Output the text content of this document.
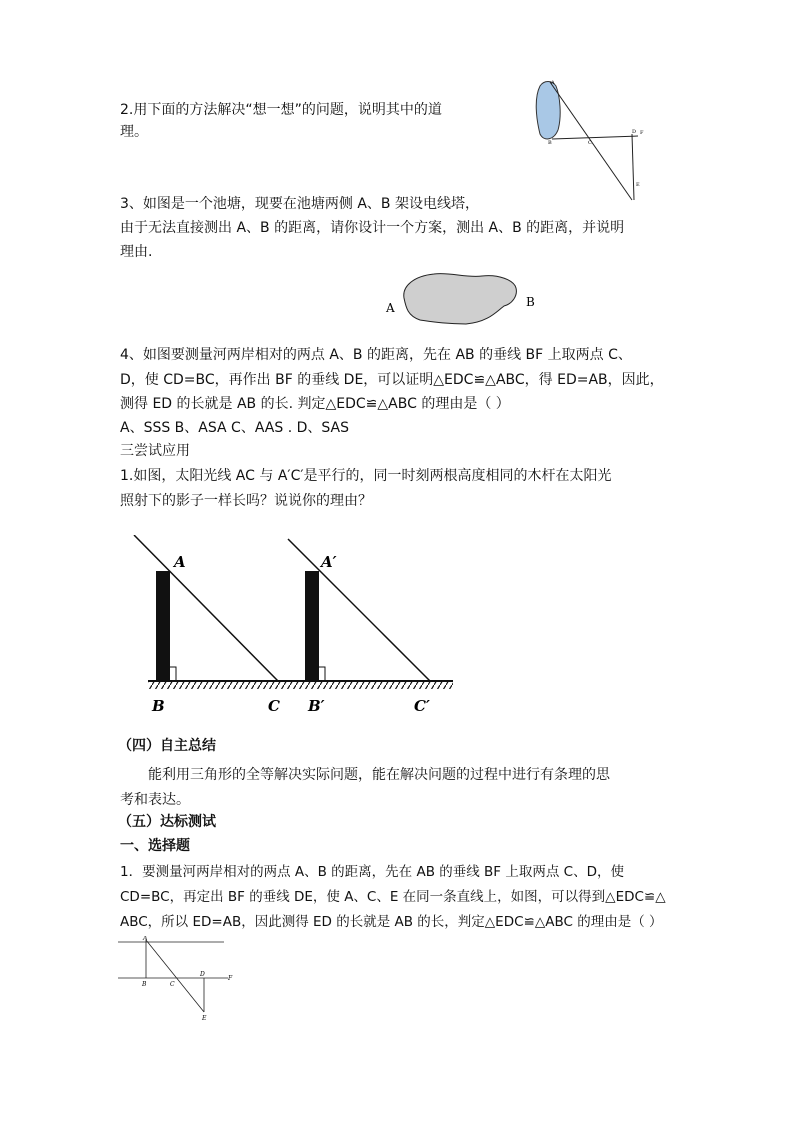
2.用下面的方法解决“想一想”的问题，说明其中的道
理。
A
B	C
D F
E
3、如图是一个池塘，现要在池塘两侧 A、B 架设电线塔，
由于无法直接测出 A、B 的距离，请你设计一个方案，测出 A、B 的距离，并说明
理由.
A	B
4、如图要测量河两岸相对的两点 A、B 的距离，先在 AB 的垂线 BF 上取两点 C、
D，使 CD=BC，再作出 BF 的垂线 DE，可以证明△EDC≌△ABC，得 ED=AB，因此，
测得 ED 的长就是 AB 的长. 判定△EDC≌△ABC 的理由是（ ）
A、SSS B、ASA C、AAS . D、SAS
三尝试应用
1.如图，太阳光线 AC 与 A′C′是平行的，同一时刻两根高度相同的木杆在太阳光
照射下的影子一样长吗？说说你的理由？
A	A′
B	B′
C	C′
（四）自主总结
能利用三角形的全等解决实际问题，能在解决问题的过程中进行有条理的思
考和表达。
（五）达标测试
一、选择题
1．要测量河两岸相对的两点 A、B 的距离，先在 AB 的垂线 BF 上取两点 C、D，使
CD=BC，再定出 BF 的垂线 DE，使 A、C、E 在同一条直线上，如图，可以得到△EDC≌△
ABC，所以 ED=AB，因此测得 ED 的长就是 AB 的长，判定△EDC≌△ABC 的理由是（ ）
A
B	C
D
F
E
